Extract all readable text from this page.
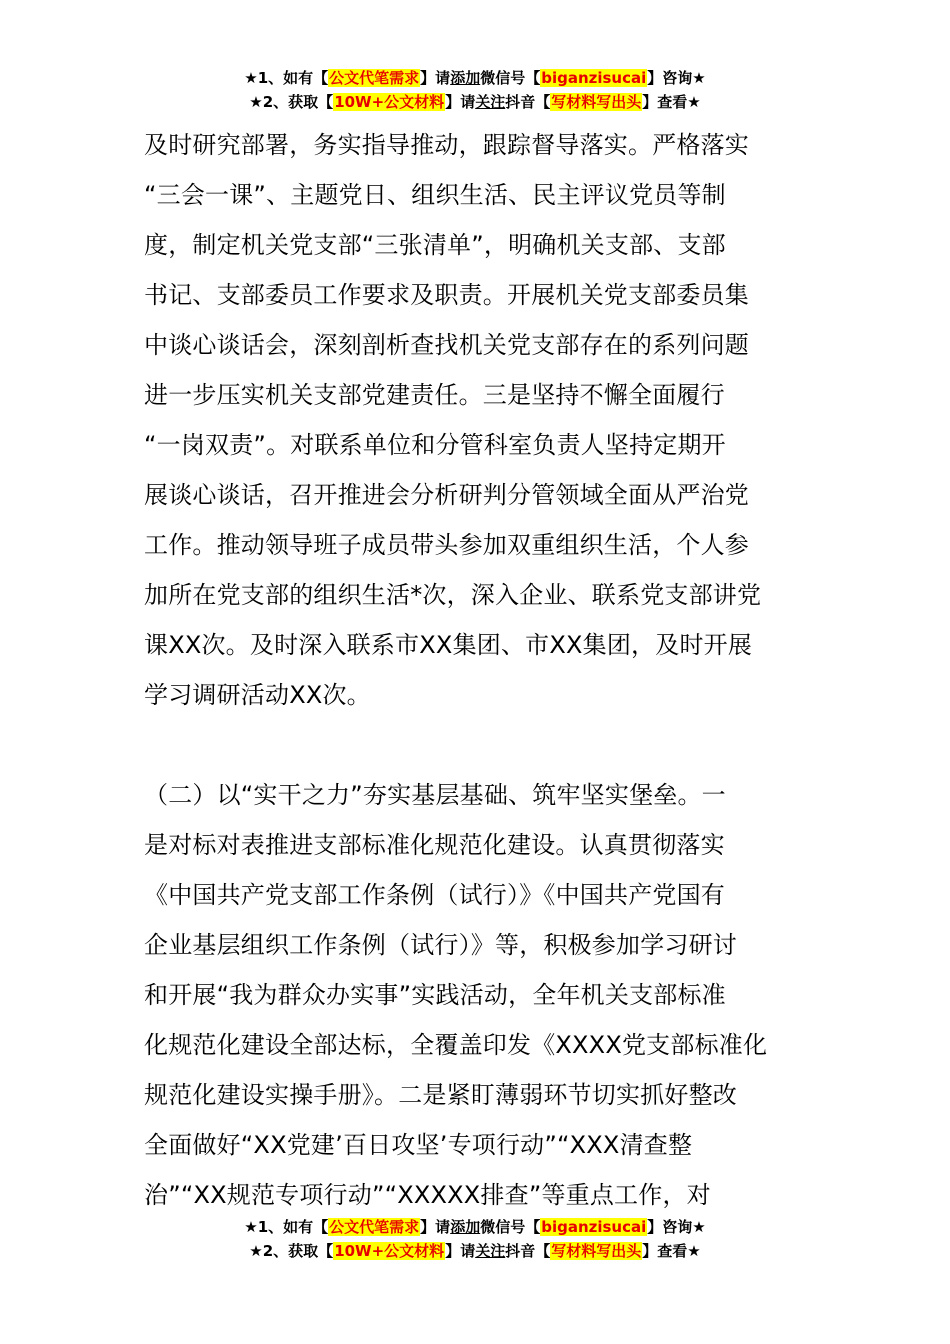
★1、如有【公文代笔需求】请添加微信号【biganzisucai】咨询★
★2、获取【10W+公文材料】请关注抖音【写材料写出头】查看★
及时研究部署，务实指导推动，跟踪督导落实。严格落实
“三会一课”、主题党日、组织生活、民主评议党员等制
度，制定机关党支部“三张清单”，明确机关支部、支部
书记、支部委员工作要求及职责。开展机关党支部委员集
中谈心谈话会，深刻剖析查找机关党支部存在的系列问题
进一步压实机关支部党建责任。三是坚持不懈全面履行
“一岗双责”。对联系单位和分管科室负责人坚持定期开
展谈心谈话，召开推进会分析研判分管领域全面从严治党
工作。推动领导班子成员带头参加双重组织生活，个人参
加所在党支部的组织生活*次，深入企业、联系党支部讲党
课XX次。及时深入联系市XX集团、市XX集团，及时开展
学习调研活动XX次。
（二）以“实干之力”夯实基层基础、筑牢坚实堡垒。一
是对标对表推进支部标准化规范化建设。认真贯彻落实
《中国共产党支部工作条例（试行）》《中国共产党国有
企业基层组织工作条例（试行）》等，积极参加学习研讨
和开展“我为群众办实事”实践活动，全年机关支部标准
化规范化建设全部达标，全覆盖印发《XXXX党支部标准化
规范化建设实操手册》。二是紧盯薄弱环节切实抓好整改
全面做好“XX党建’百日攻坚’专项行动”“XXX清查整
治”“XX规范专项行动”“XXXXX排查”等重点工作，对
★1、如有【公文代笔需求】请添加微信号【biganzisucai】咨询★
★2、获取【10W+公文材料】请关注抖音【写材料写出头】查看★
